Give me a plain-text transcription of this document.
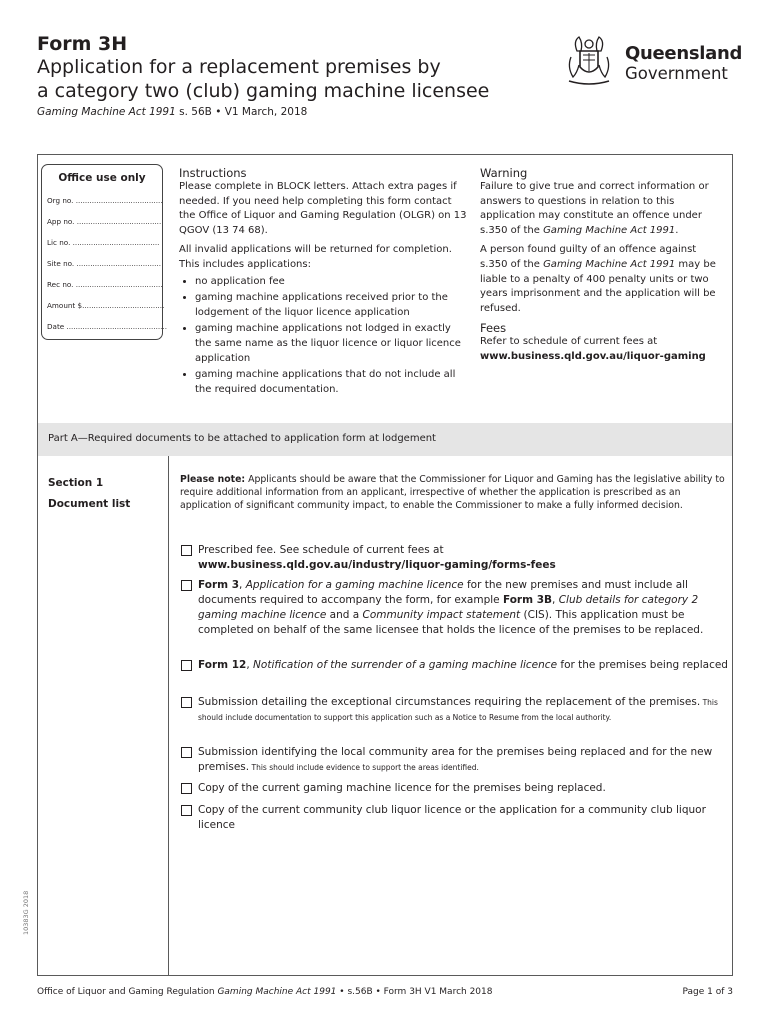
Form 3H
Application for a replacement premises by
a category two (club) gaming machine licensee
Gaming Machine Act 1991 s. 56B • V1 March, 2018
Queensland
Government
Office use only
Org no. ......................................
App no. .....................................
Lic no. ......................................
Site no. .....................................
Rec no. ......................................
Amount $....................................
Date ............................................
Instructions

Please complete in BLOCK letters. Attach extra pages if needed. If you need help completing this form contact the Office of Liquor and Gaming Regulation (OLGR) on 13 QGOV (13 74 68).

All invalid applications will be returned for completion. This includes applications:

• no application fee
• gaming machine applications received prior to the lodgement of the liquor licence application
• gaming machine applications not lodged in exactly the same name as the liquor licence or liquor licence application
• gaming machine applications that do not include all the required documentation.
Warning

Failure to give true and correct information or answers to questions in relation to this application may constitute an offence under s.350 of the Gaming Machine Act 1991.

A person found guilty of an offence against s.350 of the Gaming Machine Act 1991 may be liable to a penalty of 400 penalty units or two years imprisonment and the application will be refused.

Fees

Refer to schedule of current fees at

www.business.qld.gov.au/liquor-gaming

Part A—Required documents to be attached to application form at lodgement
Section 1
Document list
Please note: Applicants should be aware that the Commissioner for Liquor and Gaming has the legislative ability to require additional information from an applicant, irrespective of whether the application is prescribed as an application of significant community impact, to enable the Commissioner to make a fully informed decision.
Prescribed fee. See schedule of current fees at
www.business.qld.gov.au/industry/liquor-gaming/forms-fees
Form 3, Application for a gaming machine licence for the new premises and must include all documents required to accompany the form, for example Form 3B, Club details for category 2 gaming machine licence and a Community impact statement (CIS). This application must be completed on behalf of the same licensee that holds the licence of the premises to be replaced.
Form 12, Notification of the surrender of a gaming machine licence for the premises being replaced
Submission detailing the exceptional circumstances requiring the replacement of the premises. This should include documentation to support this application such as a Notice to Resume from the local authority.
Submission identifying the local community area for the premises being replaced and for the new premises. This should include evidence to support the areas identified.
Copy of the current gaming machine licence for the premises being replaced.
Copy of the current community club liquor licence or the application for a community club liquor licence
10383G 2018
Office of Liquor and Gaming Regulation Gaming Machine Act 1991 • s.56B • Form 3H V1 March 2018	Page 1 of 3
